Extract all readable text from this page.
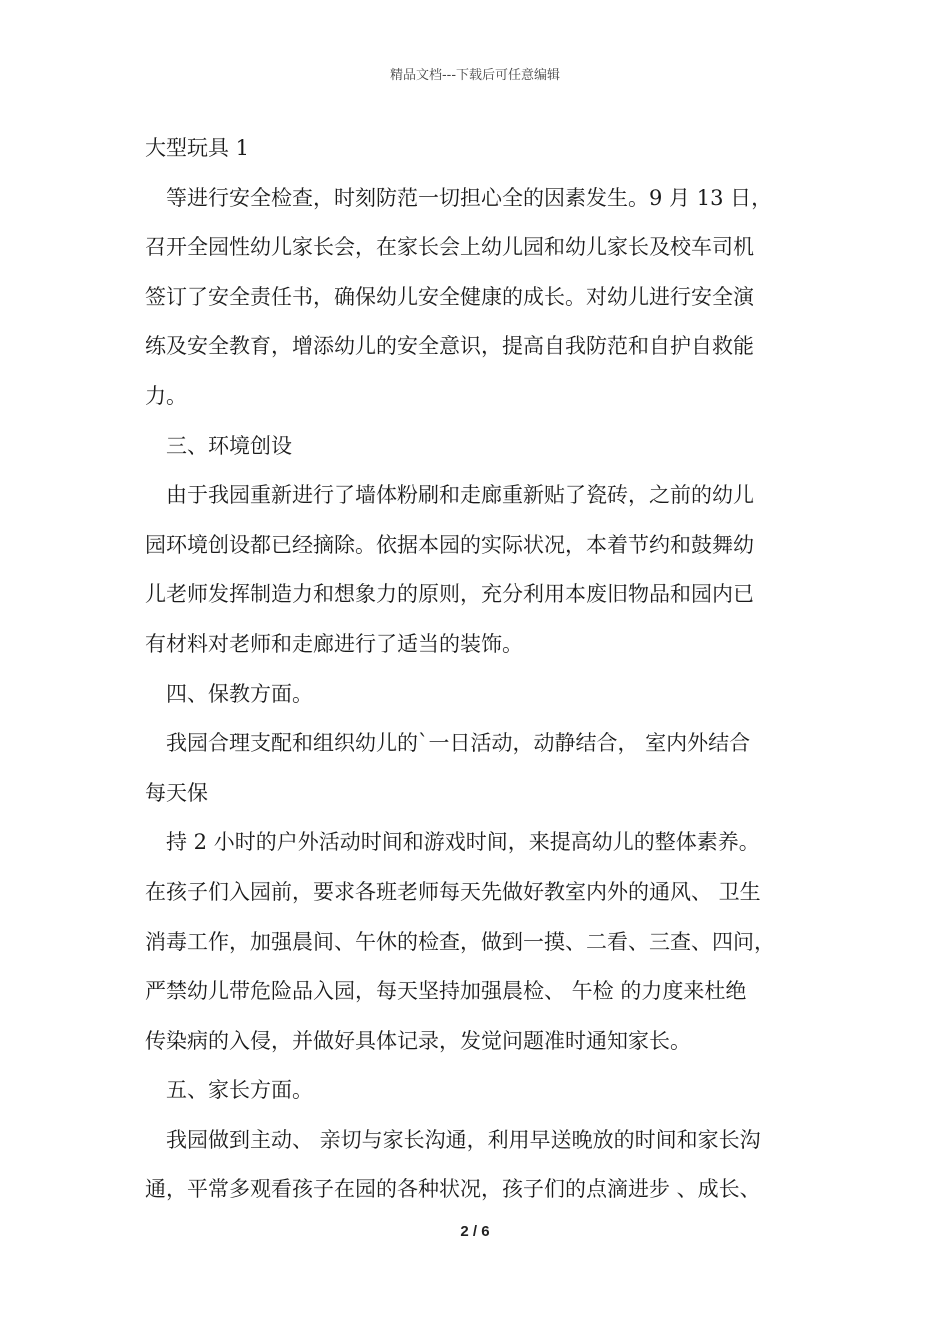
精品文档---下载后可任意编辑
大型玩具 1
等进行安全检查，时刻防范一切担心全的因素发生。9 月 13 日，
召开全园性幼儿家长会，在家长会上幼儿园和幼儿家长及校车司机
签订了安全责任书，确保幼儿安全健康的成长。对幼儿进行安全演
练及安全教育，增添幼儿的安全意识，提高自我防范和自护自救能
力。
三、环境创设
由于我园重新进行了墙体粉刷和走廊重新贴了瓷砖，之前的幼儿
园环境创设都已经摘除。依据本园的实际状况，本着节约和鼓舞幼
儿老师发挥制造力和想象力的原则，充分利用本废旧物品和园内已
有材料对老师和走廊进行了适当的装饰。
四、保教方面。
我园合理支配和组织幼儿的`一日活动，动静结合， 室内外结合
每天保
持 2 小时的户外活动时间和游戏时间，来提高幼儿的整体素养。
在孩子们入园前，要求各班老师每天先做好教室内外的通风、 卫生
消毒工作，加强晨间、午休的检查，做到一摸、二看、三查、四问，
严禁幼儿带危险品入园，每天坚持加强晨检、 午检 的力度来杜绝
传染病的入侵，并做好具体记录，发觉问题准时通知家长。
五、家长方面。
我园做到主动、 亲切与家长沟通，利用早送晚放的时间和家长沟
通，平常多观看孩子在园的各种状况，孩子们的点滴进步 、成长、
2 / 6
